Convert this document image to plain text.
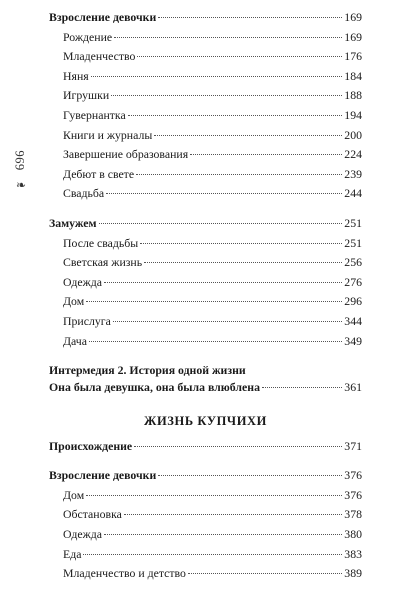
696
❧
Взросление девочки	169
Рождение	169
Младенчество	176
Няня	184
Игрушки	188
Гувернантка	194
Книги и журналы	200
Завершение образования	224
Дебют в свете	239
Свадьба	244
Замужем	251
После свадьбы	251
Светская жизнь	256
Одежда	276
Дом	296
Прислуга	344
Дача	349
Интермедия 2. История одной жизни
Она была девушка, она была влюблена	361
ЖИЗНЬ КУПЧИХИ
Происхождение	371
Взросление девочки	376
Дом	376
Обстановка	378
Одежда	380
Еда	383
Младенчество и детство	389
